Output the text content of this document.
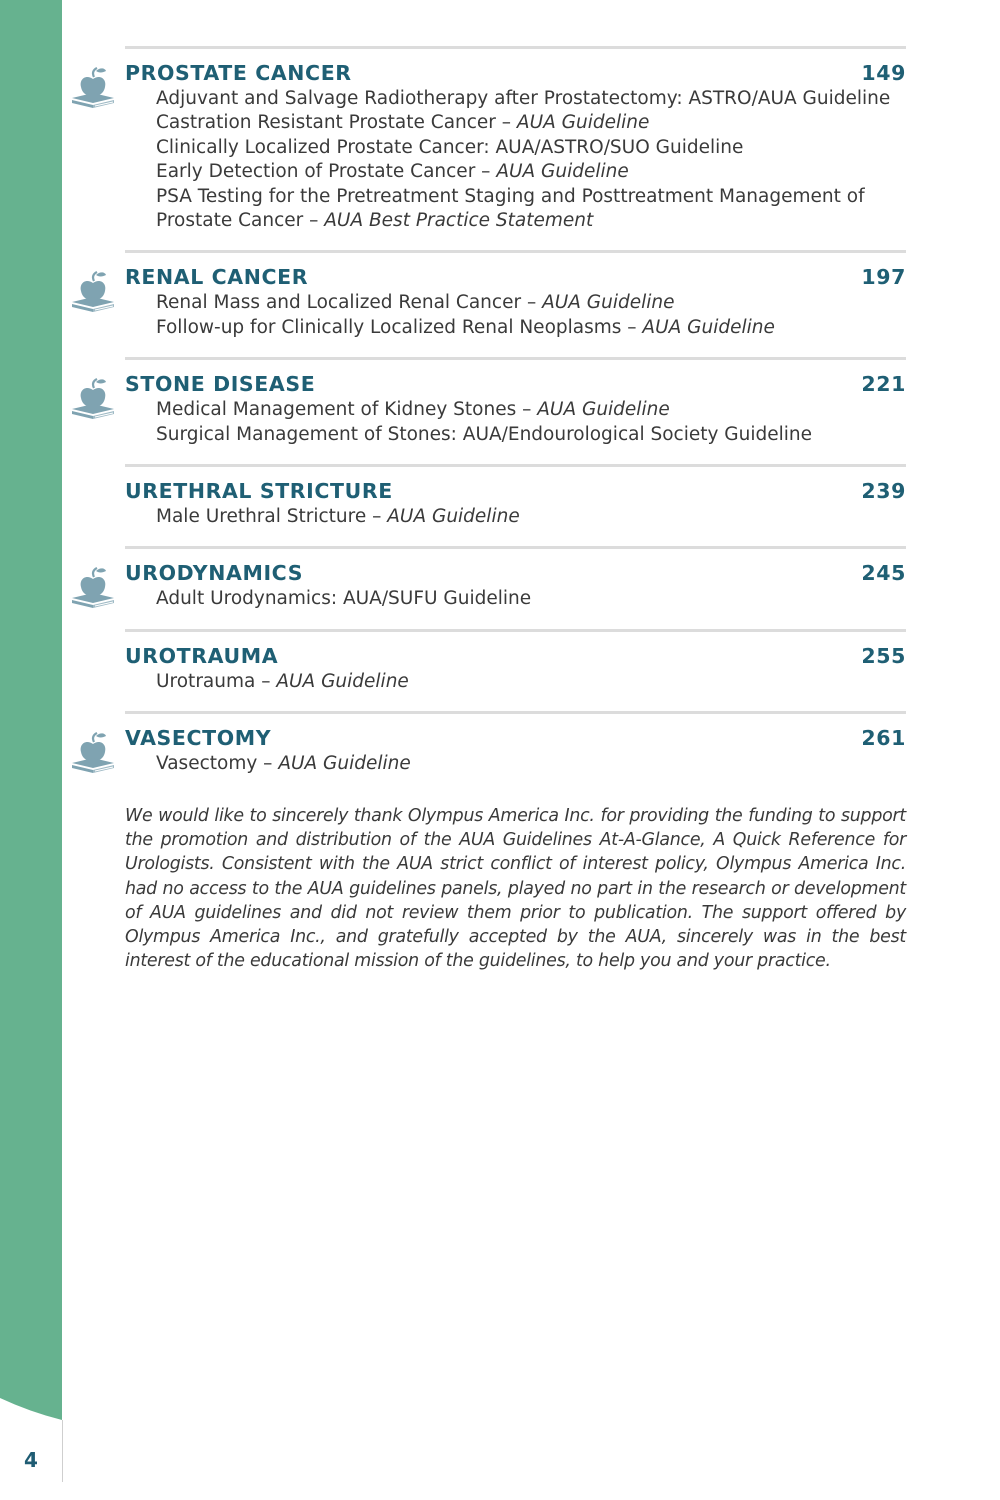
4
PROSTATE CANCER	149
Adjuvant and Salvage Radiotherapy after Prostatectomy: ASTRO/AUA Guideline
Castration Resistant Prostate Cancer – AUA Guideline
Clinically Localized Prostate Cancer: AUA/ASTRO/SUO Guideline
Early Detection of Prostate Cancer – AUA Guideline
PSA Testing for the Pretreatment Staging and Posttreatment Management of
Prostate Cancer – AUA Best Practice Statement
RENAL CANCER	197
Renal Mass and Localized Renal Cancer – AUA Guideline
Follow-up for Clinically Localized Renal Neoplasms – AUA Guideline
STONE DISEASE	221
Medical Management of Kidney Stones – AUA Guideline
Surgical Management of Stones: AUA/Endourological Society Guideline
URETHRAL STRICTURE	239
Male Urethral Stricture – AUA Guideline
URODYNAMICS	245
Adult Urodynamics: AUA/SUFU Guideline
UROTRAUMA	255
Urotrauma – AUA Guideline
VASECTOMY	261
Vasectomy – AUA Guideline

We would like to sincerely thank Olympus America Inc. for providing the funding to support the promotion and distribution of the AUA Guidelines At-A-Glance, A Quick Reference for Urologists. Consistent with the AUA strict conflict of interest policy, Olympus America Inc. had no access to the AUA guidelines panels, played no part in the research or development of AUA guidelines and did not review them prior to publication. The support offered by Olympus America Inc., and gratefully accepted by the AUA, sincerely was in the best interest of the educational mission of the guidelines, to help you and your practice.
